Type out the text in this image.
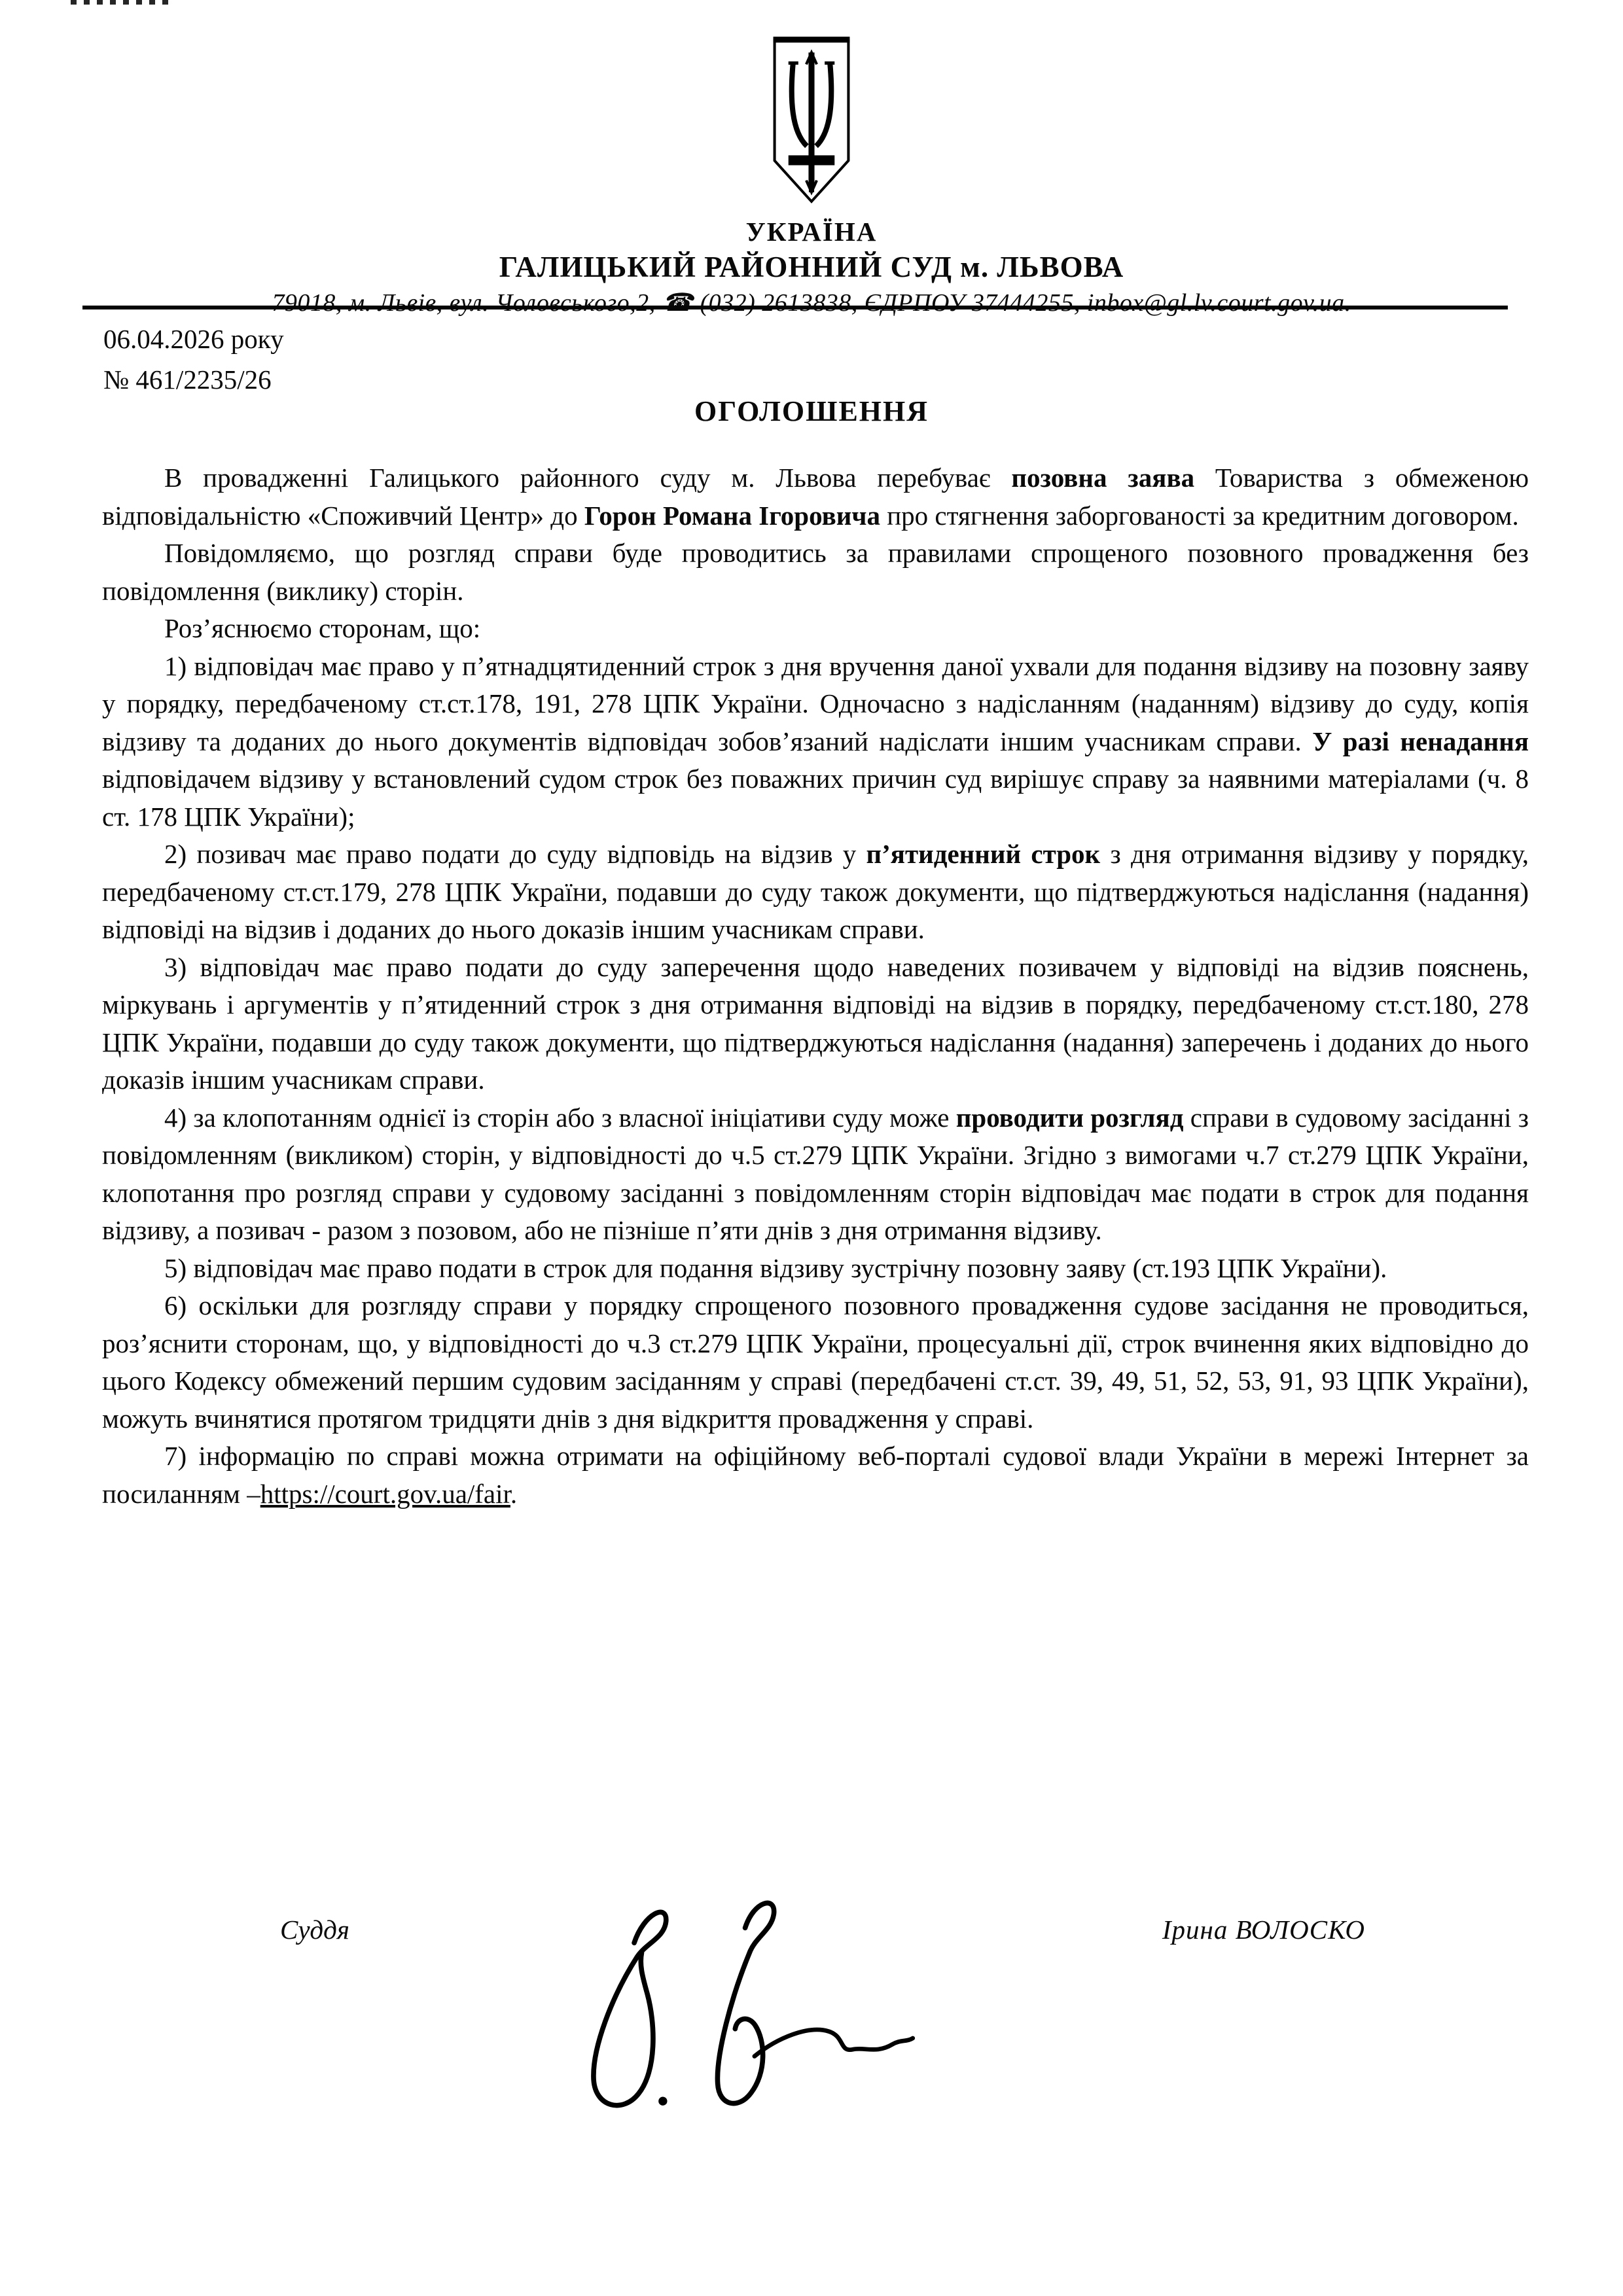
УКРАЇНА
ГАЛИЦЬКИЙ РАЙОННИЙ СУД м. ЛЬВОВА
79018, м. Львів, вул. Чоловського,2, ☎ (032) 2613838, ЄДРПОУ 37444255, inbox@gl.lv.court.gov.ua.
06.04.2026 року
№ 461/2235/26
ОГОЛОШЕННЯ

В провадженні Галицького районного суду м. Львова перебуває позовна заява Товариства з обмеженою відповідальністю «Споживчий Центр» до Горон Романа Ігоровича про стягнення заборгованості за кредитним договором.

Повідомляємо, що розгляд справи буде проводитись за правилами спрощеного позовного провадження без повідомлення (виклику) сторін.

Роз’яснюємо сторонам, що:

1) відповідач має право у п’ятнадцятиденний строк з дня вручення даної ухвали для подання відзиву на позовну заяву у порядку, передбаченому ст.ст.178, 191, 278 ЦПК України. Одночасно з надісланням (наданням) відзиву до суду, копія відзиву та доданих до нього документів відповідач зобов’язаний надіслати іншим учасникам справи. У разі ненадання відповідачем відзиву у встановлений судом строк без поважних причин суд вирішує справу за наявними матеріалами (ч. 8 ст. 178 ЦПК України);

2) позивач має право подати до суду відповідь на відзив у п’ятиденний строк з дня отримання відзиву у порядку, передбаченому ст.ст.179, 278 ЦПК України, подавши до суду також документи, що підтверджуються надіслання (надання) відповіді на відзив і доданих до нього доказів іншим учасникам справи.

3) відповідач має право подати до суду заперечення щодо наведених позивачем у відповіді на відзив пояснень, міркувань і аргументів у п’ятиденний строк з дня отримання відповіді на відзив в порядку, передбаченому ст.ст.180, 278 ЦПК України, подавши до суду також документи, що підтверджуються надіслання (надання) заперечень і доданих до нього доказів іншим учасникам справи.

4) за клопотанням однієї із сторін або з власної ініціативи суду може проводити розгляд справи в судовому засіданні з повідомленням (викликом) сторін, у відповідності до ч.5 ст.279 ЦПК України. Згідно з вимогами ч.7 ст.279 ЦПК України, клопотання про розгляд справи у судовому засіданні з повідомленням сторін відповідач має подати в строк для подання відзиву, а позивач - разом з позовом, або не пізніше п’яти днів з дня отримання відзиву.

5) відповідач має право подати в строк для подання відзиву зустрічну позовну заяву (ст.193 ЦПК України).

6) оскільки для розгляду справи у порядку спрощеного позовного провадження судове засідання не проводиться, роз’яснити сторонам, що, у відповідності до ч.3 ст.279 ЦПК України, процесуальні дії, строк вчинення яких відповідно до цього Кодексу обмежений першим судовим засіданням у справі (передбачені ст.ст. 39, 49, 51, 52, 53, 91, 93 ЦПК України), можуть вчинятися протягом тридцяти днів з дня відкриття провадження у справі.

7) інформацію по справі можна отримати на офіційному веб-порталі судової влади України в мережі Інтернет за посиланням –https://court.gov.ua/fair.

Суддя	Ірина ВОЛОСКО
